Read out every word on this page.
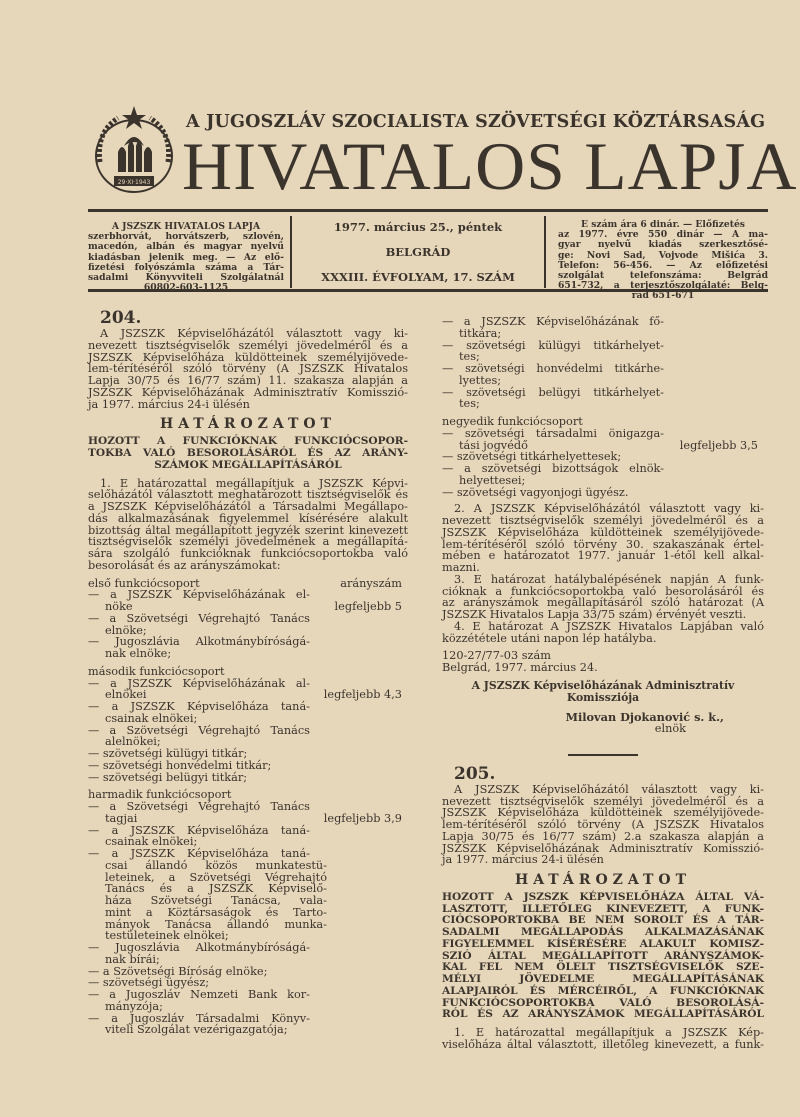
29·XI·1943
A JUGOSZLÁV SZOCIALISTA SZÖVETSÉGI KÖZTÁRSASÁG
HIVATALOS LAPJA
A JSZSZK HIVATALOS LAPJA
szerbhorvát, horvátszerb, szlovén,
macedón, albán és magyar nyelvű
kiadásban jelenik meg. — Az elő-
fizetési folyószámla száma a Tár-
sadalmi Könyvviteli Szolgálatnál
60802-603-1125
1977. március 25., péntek
BELGRÁD
XXXIII. ÉVFOLYAM, 17. SZÁM
E szám ára 6 dinár. — Előfizetés
az 1977. évre 550 dinár — A ma-
gyar nyelvű kiadás szerkesztősé-
ge: Novi Sad, Vojvode Mišića 3.
Telefon: 56-456. — Az előfizetési
szolgálat telefonszáma: Belgrád
651-732, a terjesztőszolgálaté: Belg-
rád 651-671
204.
A JSZSZK Képviselőházától választott vagy ki-
nevezett tisztségviselők személyi jövedelméről és a
JSZSZK Képviselőháza küldötteinek személyijövede-
lem-térítéséről szóló törvény (A JSZSZK Hivatalos
Lapja 30/75 és 16/77 szám) 11. szakasza alapján a
JSZSZK Képviselőházának Adminisztratív Komisszió-
ja 1977. március 24-i ülésén
HATÁROZATOT
HOZOTT A FUNKCIÓKNAK FUNKCIÓCSOPOR-
TOKBA VALÓ BESOROLÁSÁRÓL ÉS AZ ARÁNY-
SZÁMOK MEGÁLLAPÍTÁSÁRÓL
1. E határozattal megállapítjuk a JSZSZK Képvi-
selőházától választott meghatározott tisztségviselők és
a JSZSZK Képviselőházától a Társadalmi Megállapo-
dás alkalmazásának figyelemmel kísérésére alakult
bizottság által megállapított jegyzék szerint kinevezett
tisztségviselők személyi jövedelmének a megállapítá-
sára szolgáló funkcióknak funkciócsoportokba való
besorolását és az arányszámokat:
első funkciócsoport	arányszám
— a JSZSZK Képviselőházának el-
nöke	legfeljebb 5
— a Szövetségi Végrehajtó Tanács
elnöke;
— Jugoszlávia Alkotmánybíróságá-
nak elnöke;
második funkciócsoport
— a JSZSZK Képviselőházának al-
elnökei	legfeljebb 4,3
— a JSZSZK Képviselőháza taná-
csainak elnökei;
— a Szövetségi Végrehajtó Tanács
alelnökei;
— szövetségi külügyi titkár;
— szövetségi honvédelmi titkár;
— szövetségi belügyi titkár;
harmadik funkciócsoport
— a Szövetségi Végrehajtó Tanács
tagjai	legfeljebb 3,9
— a JSZSZK Képviselőháza taná-
csainak elnökei;
— a JSZSZK Képviselőháza taná-
csai állandó közös munkatestü-
leteinek, a Szövetségi Végrehajtó
Tanács és a JSZSZK Képviselő-
háza Szövetségi Tanácsa, vala-
mint a Köztársaságok és Tarto-
mányok Tanácsa állandó munka-
testületeinek elnökei;
— Jugoszlávia Alkotmánybíróságá-
nak bírái;
— a Szövetségi Bíróság elnöke;
— szövetségi ügyész;
— a Jugoszláv Nemzeti Bank kor-
mányzója;
— a Jugoszláv Társadalmi Könyv-
viteli Szolgálat vezérigazgatója;
— a JSZSZK Képviselőházának fő-
titkára;
— szövetségi külügyi titkárhelyet-
tes;
— szövetségi honvédelmi titkárhe-
lyettes;
— szövetségi belügyi titkárhelyet-
tes;
negyedik funkciócsoport
— szövetségi társadalmi önigazga-
tási jogvédő	legfeljebb 3,5
— szövetségi titkárhelyettesek;
— a szövetségi bizottságok elnök-
helyettesei;
— szövetségi vagyonjogi ügyész.
2. A JSZSZK Képviselőházától választott vagy ki-
nevezett tisztségviselők személyi jövedelméről és a
JSZSZK Képviselőháza küldötteinek személyijövede-
lem-térítéséről szóló törvény 30. szakaszának értel-
mében e határozatot 1977. január 1-étől kell alkal-
mazni.
3. E határozat hatálybalépésének napján A funk-
cióknak a funkciócsoportokba való besorolásáról és
az arányszámok megállapításáról szóló határozat (A
JSZSZK Hivatalos Lapja 33/75 szám) érvényét veszti.
4. E határozat A JSZSZK Hivatalos Lapjában való
közzététele utáni napon lép hatályba.
120-27/77-03 szám
Belgrád, 1977. március 24.
A JSZSZK Képviselőházának Adminisztratív
Komissziója
Milovan Djokanović s. k.,
elnök
205.
A JSZSZK Képviselőházától választott vagy ki-
nevezett tisztségviselők személyi jövedelméről és a
JSZSZK Képviselőháza küldötteinek személyijövede-
lem-térítéséről szóló törvény (A JSZSZK Hivatalos
Lapja 30/75 és 16/77 szám) 2.a szakasza alapján a
JSZSZK Képviselőházának Adminisztratív Komisszió-
ja 1977. március 24-i ülésén
HATÁROZATOT
HOZOTT A JSZSZK KÉPVISELŐHÁZA ÁLTAL VÁ-
LASZTOTT, ILLETŐLEG KINEVEZETT, A FUNK-
CIÓCSOPORTOKBA BE NEM SOROLT ÉS A TÁR-
SADALMI MEGÁLLAPODÁS ALKALMAZÁSÁNAK
FIGYELEMMEL KÍSÉRÉSÉRE ALAKULT KOMISZ-
SZIÓ ÁLTAL MEGÁLLAPÍTOTT ARÁNYSZÁMOK-
KAL FEL NEM ÖLELT TISZTSÉGVISELŐK SZE-
MÉLYI JÖVEDELME MEGÁLLAPÍTÁSÁNAK
ALAPJAIRÓL ÉS MÉRCÉIRŐL, A FUNKCIÓKNAK
FUNKCIÓCSOPORTOKBA VALÓ BESOROLÁSÁ-
RÓL ÉS AZ ARÁNYSZÁMOK MEGÁLLAPÍTÁSÁRÓL
1. E határozattal megállapítjuk a JSZSZK Kép-
viselőháza által választott, illetőleg kinevezett, a funk-
